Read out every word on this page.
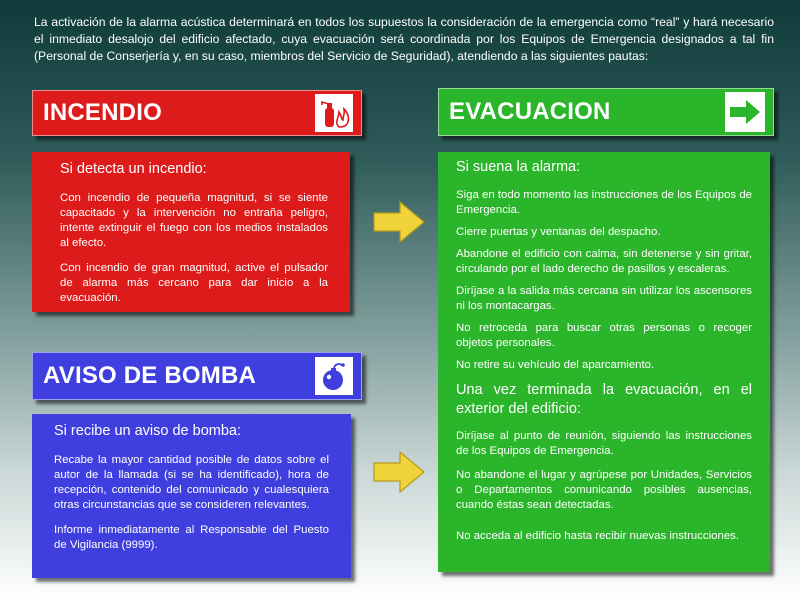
La activación de la alarma acústica determinará en todos los supuestos la consideración de la emergencia como “real” y hará necesario el inmediato desalojo del edificio afectado, cuya evacuación será coordinada por los Equipos de Emergencia designados a tal fin (Personal de Conserjería y, en su caso, miembros del Servicio de Seguridad), atendiendo a las siguientes pautas:
INCENDIO
Si detecta un incendio:

Con incendio de pequeña magnitud, si se siente capacitado y la intervención no entraña peligro, intente extinguir el fuego con los medios instalados al efecto.

Con incendio de gran magnitud, active el pulsador de alarma más cercano para dar inicio a la evacuación.

AVISO DE BOMBA
Si recibe un aviso de bomba:

Recabe la mayor cantidad posible de datos sobre el autor de la llamada (si se ha identificado), hora de recepción, contenido del comunicado y cualesquiera otras circunstancias que se consideren relevantes.

Informe inmediatamente al Responsable del Puesto de Vigilancia (9999).

EVACUACION
Si suena la alarma:

Siga en todo momento las instrucciones de los Equipos de Emergencia.

Cierre puertas y ventanas del despacho.

Abandone el edificio con calma, sin detenerse y sin gritar, circulando por el lado derecho de pasillos y escaleras.

Diríjase a la salida más cercana sin utilizar los ascensores ni los montacargas.

No retroceda para buscar otras personas o recoger objetos personales.

No retire su vehículo del aparcamiento.

Una vez terminada la evacuación, en el exterior del edificio:

Diríjase al punto de reunión, siguiendo las instrucciones de los Equipos de Emergencia.

No abandone el lugar y agrúpese por Unidades, Servicios o Departamentos comunicando posibles ausencias, cuando éstas sean detectadas.

No acceda al edificio hasta recibir nuevas instrucciones.
